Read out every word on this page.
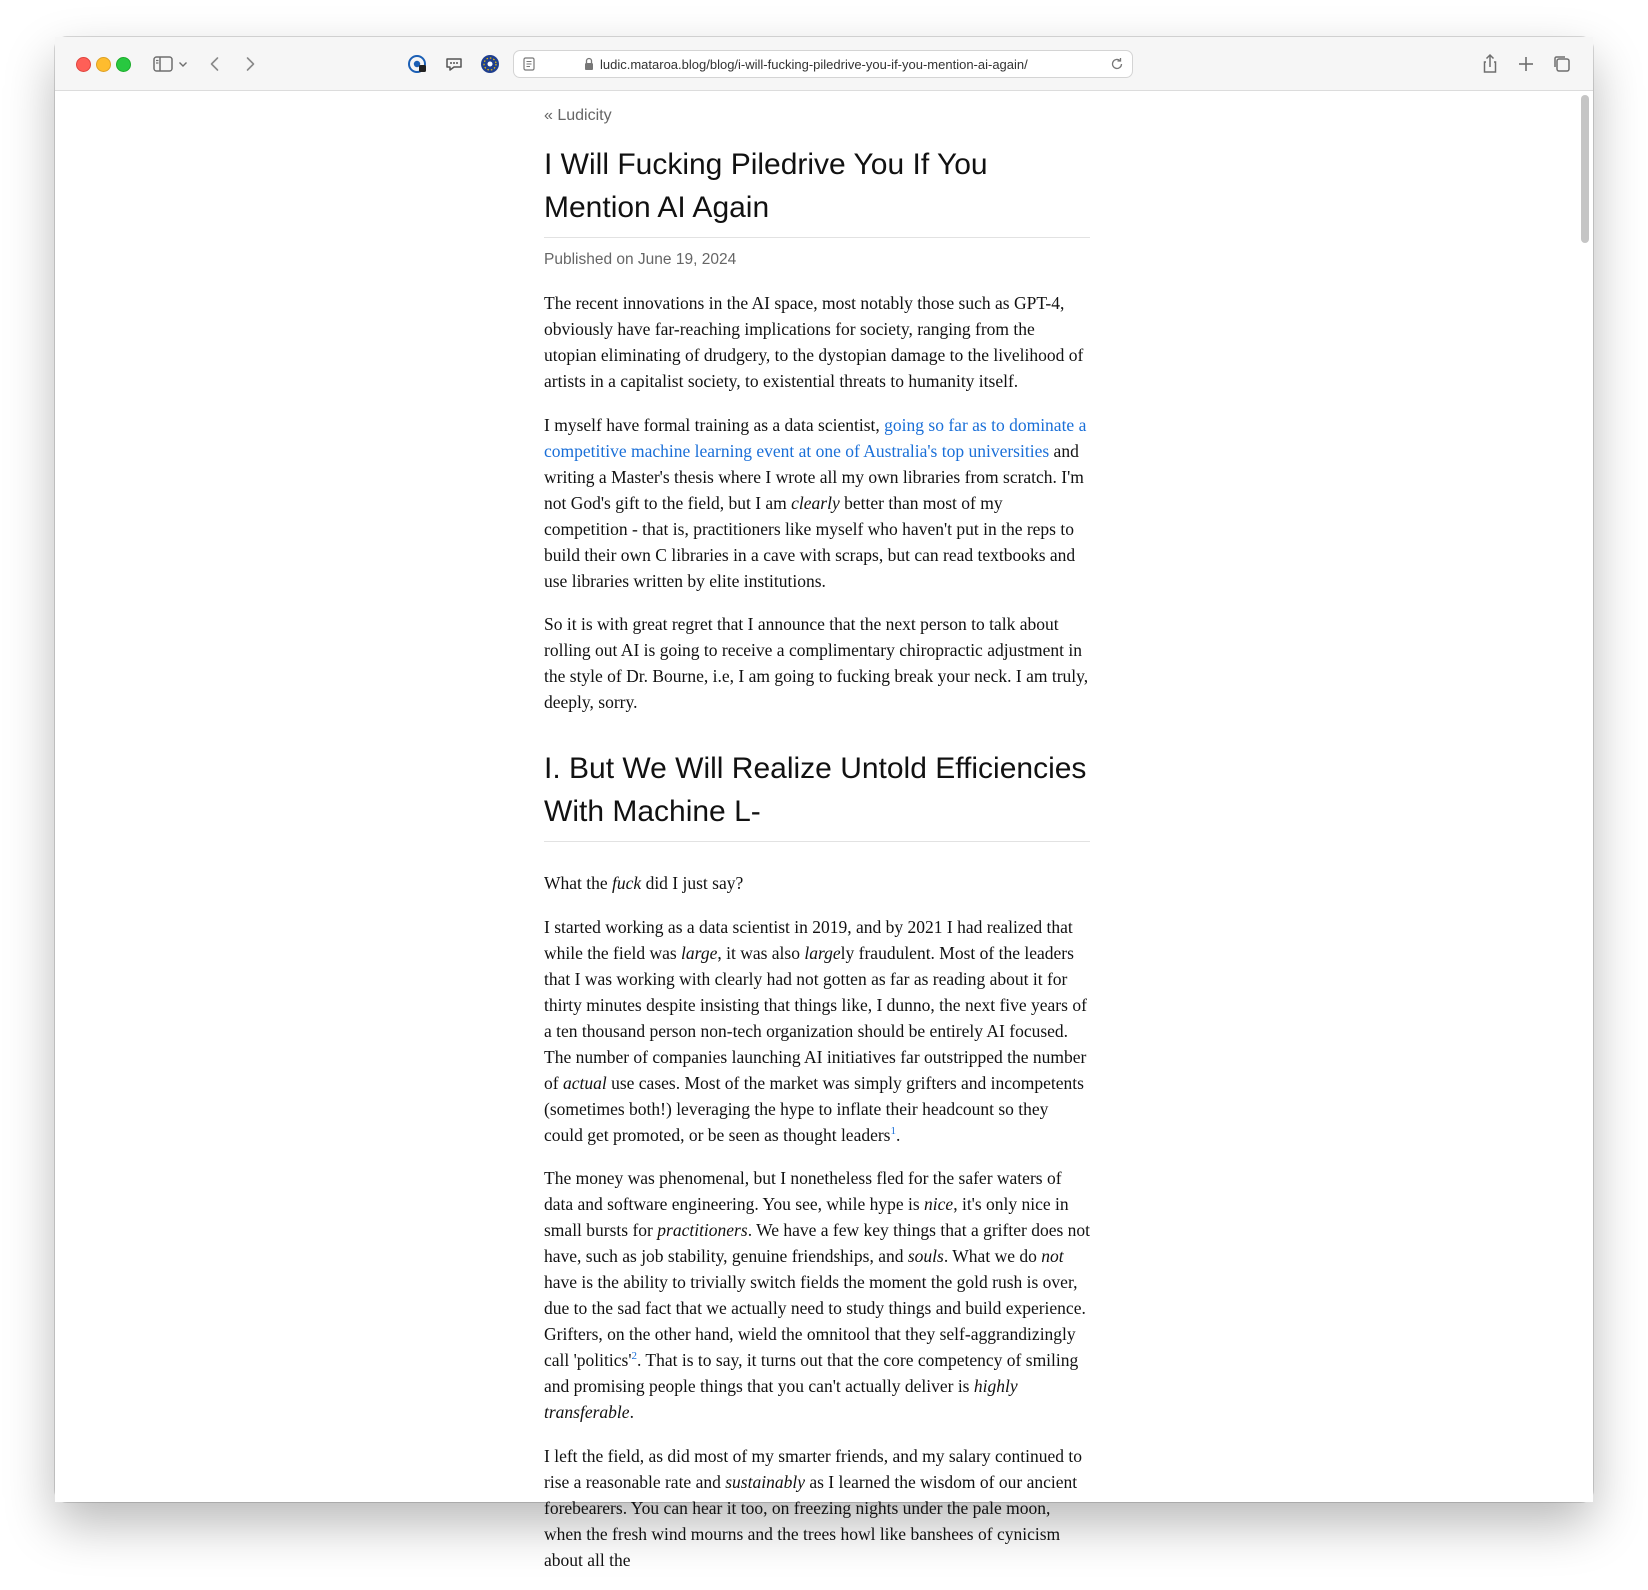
ludic.mataroa.blog/blog/i-will-fucking-piledrive-you-if-you-mention-ai-again/
« Ludicity
I Will Fucking Piledrive You If You Mention AI Again
Published on June 19, 2024

The recent innovations in the AI space, most notably those such as GPT-4, obviously have far-reaching implications for society, ranging from the utopian eliminating of drudgery, to the dystopian damage to the livelihood of artists in a capitalist society, to existential threats to humanity itself.

I myself have formal training as a data scientist, going so far as to dominate a competitive machine learning event at one of Australia's top universities and writing a Master's thesis where I wrote all my own libraries from scratch. I'm not God's gift to the field, but I am clearly better than most of my competition - that is, practitioners like myself who haven't put in the reps to build their own C libraries in a cave with scraps, but can read textbooks and use libraries written by elite institutions.

So it is with great regret that I announce that the next person to talk about rolling out AI is going to receive a complimentary chiropractic adjustment in the style of Dr. Bourne, i.e, I am going to fucking break your neck. I am truly, deeply, sorry.

I. But We Will Realize Untold Efficiencies With Machine L-

What the fuck did I just say?

I started working as a data scientist in 2019, and by 2021 I had realized that while the field was large, it was also largely fraudulent. Most of the leaders that I was working with clearly had not gotten as far as reading about it for thirty minutes despite insisting that things like, I dunno, the next five years of a ten thousand person non-tech organization should be entirely AI focused. The number of companies launching AI initiatives far outstripped the number of actual use cases. Most of the market was simply grifters and incompetents (sometimes both!) leveraging the hype to inflate their headcount so they could get promoted, or be seen as thought leaders$^1$.

The money was phenomenal, but I nonetheless fled for the safer waters of data and software engineering. You see, while hype is nice, it's only nice in small bursts for practitioners. We have a few key things that a grifter does not have, such as job stability, genuine friendships, and souls. What we do not have is the ability to trivially switch fields the moment the gold rush is over, due to the sad fact that we actually need to study things and build experience. Grifters, on the other hand, wield the omnitool that they self-aggrandizingly call '$politics'^2$. That is to say, it turns out that the core competency of smiling and promising people things that you can't actually deliver is highly transferable.

I left the field, as did most of my smarter friends, and my salary continued to rise a reasonable rate and sustainably as I learned the wisdom of our ancient forebearers. You can hear it too, on freezing nights under the pale moon, when the fresh wind mourns and the trees howl like banshees of cynicism about all the
